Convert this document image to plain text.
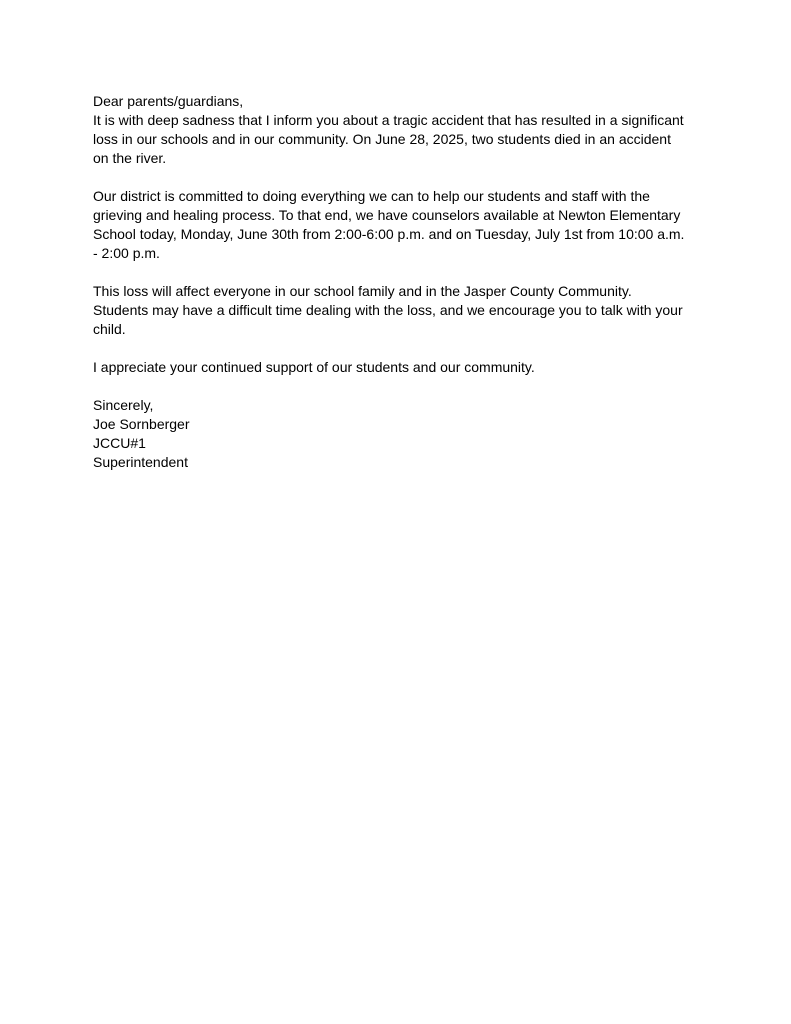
Dear parents/guardians,

It is with deep sadness that I inform you about a tragic accident that has resulted in a significant
loss in our schools and in our community. On June 28, 2025, two students died in an accident
on the river.
Our district is committed to doing everything we can to help our students and staff with the
grieving and healing process. To that end, we have counselors available at Newton Elementary
School today, Monday, June 30th from 2:00-6:00 p.m. and on Tuesday, July 1st from 10:00 a.m.
- 2:00 p.m.
This loss will affect everyone in our school family and in the Jasper County Community.
Students may have a difficult time dealing with the loss, and we encourage you to talk with your
child.
I appreciate your continued support of our students and our community.

Sincerely,

Joe Sornberger
JCCU#1
Superintendent
